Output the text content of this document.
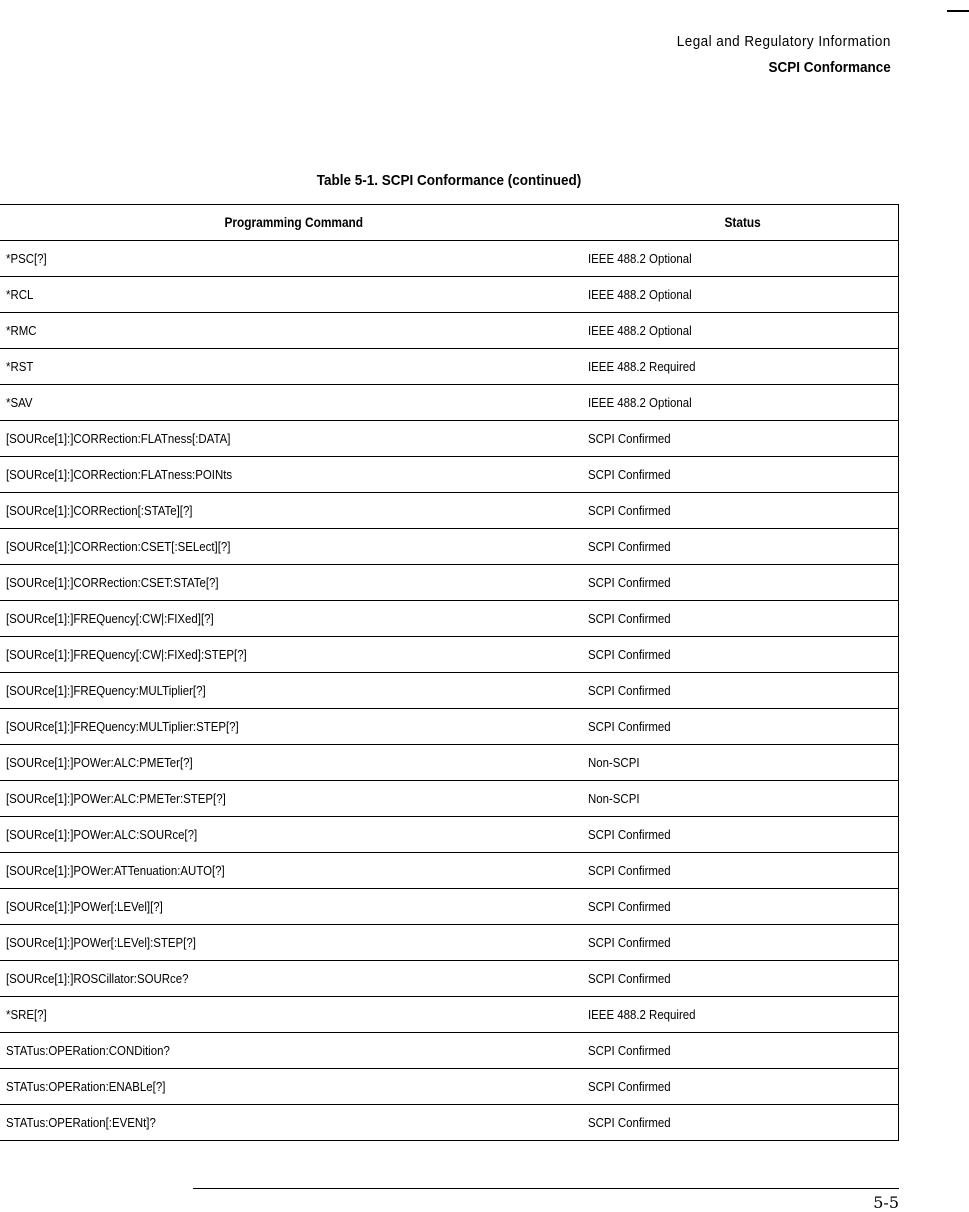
Legal and Regulatory Information
SCPI Conformance
Table 5-1. SCPI Conformance (continued)
Programming Command	Status
*PSC[?]	IEEE 488.2 Optional
*RCL	IEEE 488.2 Optional
*RMC	IEEE 488.2 Optional
*RST	IEEE 488.2 Required
*SAV	IEEE 488.2 Optional
[SOURce[1]:]CORRection:FLATness[:DATA]	SCPI Confirmed
[SOURce[1]:]CORRection:FLATness:POINts	SCPI Confirmed
[SOURce[1]:]CORRection[:STATe][?]	SCPI Confirmed
[SOURce[1]:]CORRection:CSET[:SELect][?]	SCPI Confirmed
[SOURce[1]:]CORRection:CSET:STATe[?]	SCPI Confirmed
[SOURce[1]:]FREQuency[:CW|:FIXed][?]	SCPI Confirmed
[SOURce[1]:]FREQuency[:CW|:FIXed]:STEP[?]	SCPI Confirmed
[SOURce[1]:]FREQuency:MULTiplier[?]	SCPI Confirmed
[SOURce[1]:]FREQuency:MULTiplier:STEP[?]	SCPI Confirmed
[SOURce[1]:]POWer:ALC:PMETer[?]	Non-SCPI
[SOURce[1]:]POWer:ALC:PMETer:STEP[?]	Non-SCPI
[SOURce[1]:]POWer:ALC:SOURce[?]	SCPI Confirmed
[SOURce[1]:]POWer:ATTenuation:AUTO[?]	SCPI Confirmed
[SOURce[1]:]POWer[:LEVel][?]	SCPI Confirmed
[SOURce[1]:]POWer[:LEVel]:STEP[?]	SCPI Confirmed
[SOURce[1]:]ROSCillator:SOURce?	SCPI Confirmed
*SRE[?]	IEEE 488.2 Required
STATus:OPERation:CONDition?	SCPI Confirmed
STATus:OPERation:ENABLe[?]	SCPI Confirmed
STATus:OPERation[:EVENt]?	SCPI Confirmed
5-5
